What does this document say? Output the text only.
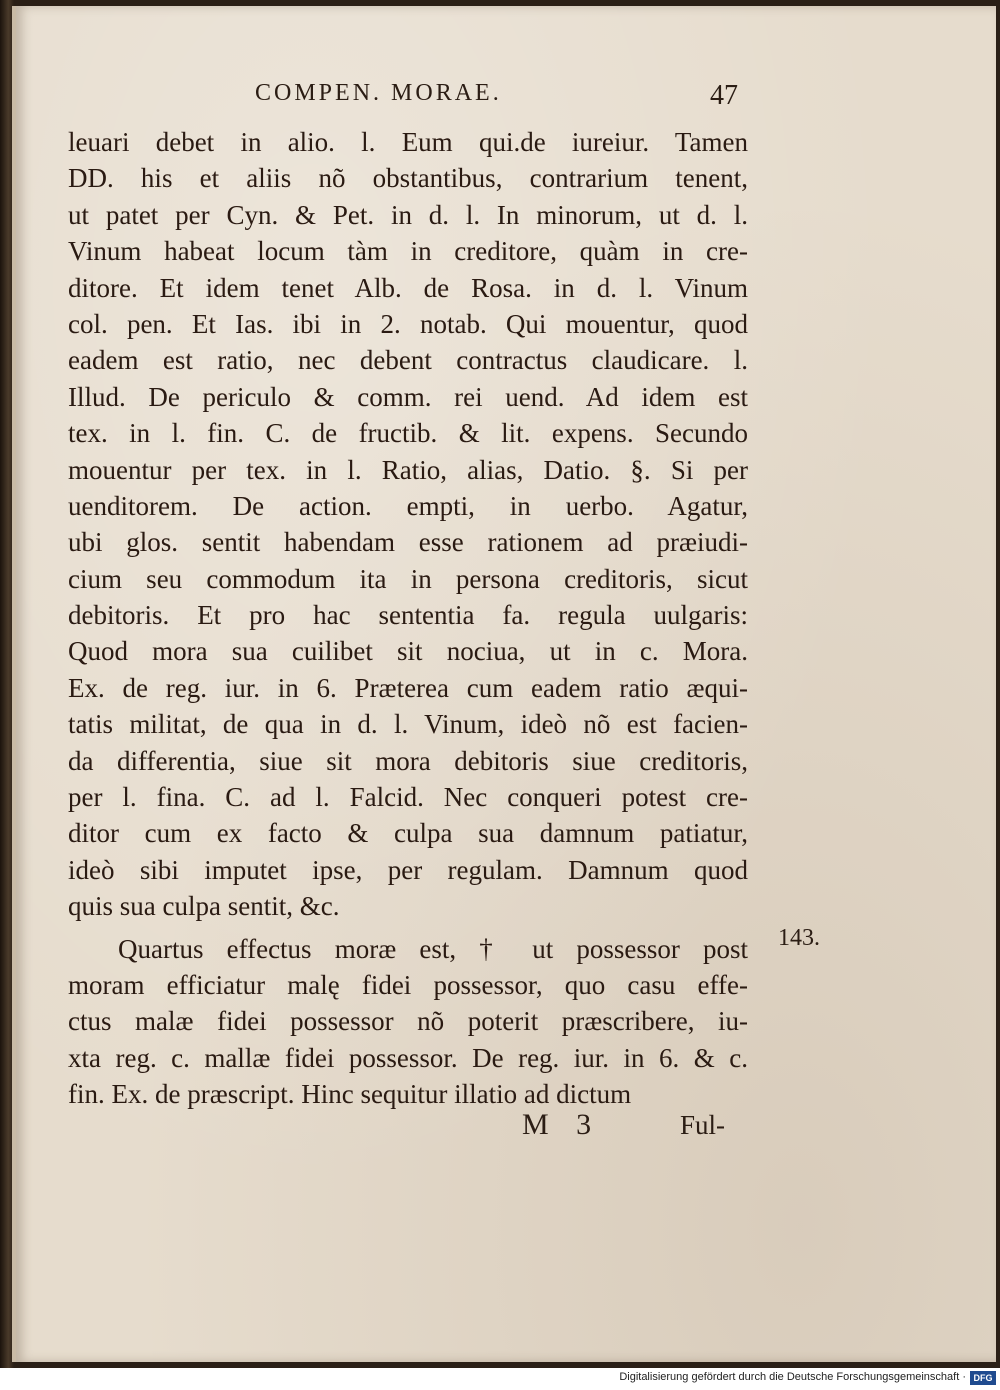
COMPEN. MORAE.	47
leuari debet in alio. l. Eum qui.de iureiur. Tamen
DD. his et aliis nõ obstantibus, contrarium tenent,
ut patet per Cyn. & Pet. in d. l. In minorum, ut d. l.
Vinum habeat locum tàm in creditore, quàm in cre-
ditore. Et idem tenet Alb. de Rosa. in d. l. Vinum
col. pen. Et Ias. ibi in 2. notab. Qui mouentur, quod
eadem est ratio, nec debent contractus claudicare. l.
Illud. De periculo & comm. rei uend. Ad idem est
tex. in l. fin. C. de fructib. & lit. expens. Secundo
mouentur per tex. in l. Ratio, alias, Datio. §. Si per
uenditorem. De action. empti, in uerbo. Agatur,
ubi glos. sentit habendam esse rationem ad præiudi-
cium seu commodum ita in persona creditoris, sicut
debitoris. Et pro hac sententia fa. regula uulgaris:
Quod mora sua cuilibet sit nociua, ut in c. Mora.
Ex. de reg. iur. in 6. Præterea cum eadem ratio æqui-
tatis militat, de qua in d. l. Vinum, ideò nõ est facien-
da differentia, siue sit mora debitoris siue creditoris,
per l. fina. C. ad l. Falcid. Nec conqueri potest cre-
ditor cum ex facto & culpa sua damnum patiatur,
ideò sibi imputet ipse, per regulam. Damnum quod
quis sua culpa sentit, &c.
Quartus effectus moræ est, † ut possessor post
moram efficiatur malę fidei possessor, quo casu effe-
ctus malæ fidei possessor nõ poterit præscribere, iu-
xta reg. c. mallæ fidei possessor. De reg. iur. in 6. & c.
fin. Ex. de præscript. Hinc sequitur illatio ad dictum
143.
M 3	Ful-
Digitalisierung gefördert durch die Deutsche Forschungsgemeinschaft · DFG
